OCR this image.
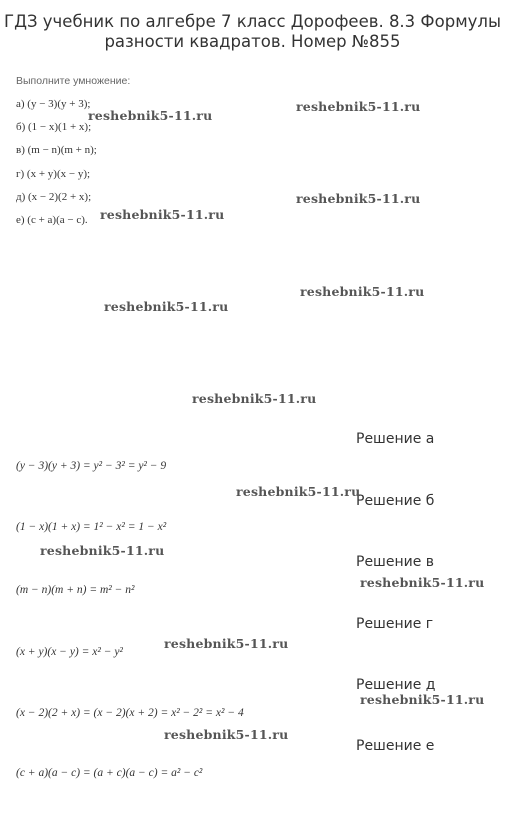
ГДЗ учебник по алгебре 7 класс Дорофеев. 8.3 Формулы
разности квадратов. Номер №855
Выполните умножение:
а) (y − 3)(y + 3);
б) (1 − x)(1 + x);
в) (m − n)(m + n);
г) (x + y)(x − y);
д) (x − 2)(2 + x);
е) (c + a)(a − c).
Решение а
(y − 3)(y + 3) = y² − 3² = y² − 9
Решение б
(1 − x)(1 + x) = 1² − x² = 1 − x²
Решение в
(m − n)(m + n) = m² − n²
Решение г
(x + y)(x − y) = x² − y²
Решение д
(x − 2)(2 + x) = (x − 2)(x + 2) = x² − 2² = x² − 4
Решение е
(c + a)(a − c) = (a + c)(a − c) = a² − c²
reshebnik5-11.ru
reshebnik5-11.ru
reshebnik5-11.ru
reshebnik5-11.ru
reshebnik5-11.ru
reshebnik5-11.ru
reshebnik5-11.ru
reshebnik5-11.ru
reshebnik5-11.ru
reshebnik5-11.ru
reshebnik5-11.ru
reshebnik5-11.ru
reshebnik5-11.ru
